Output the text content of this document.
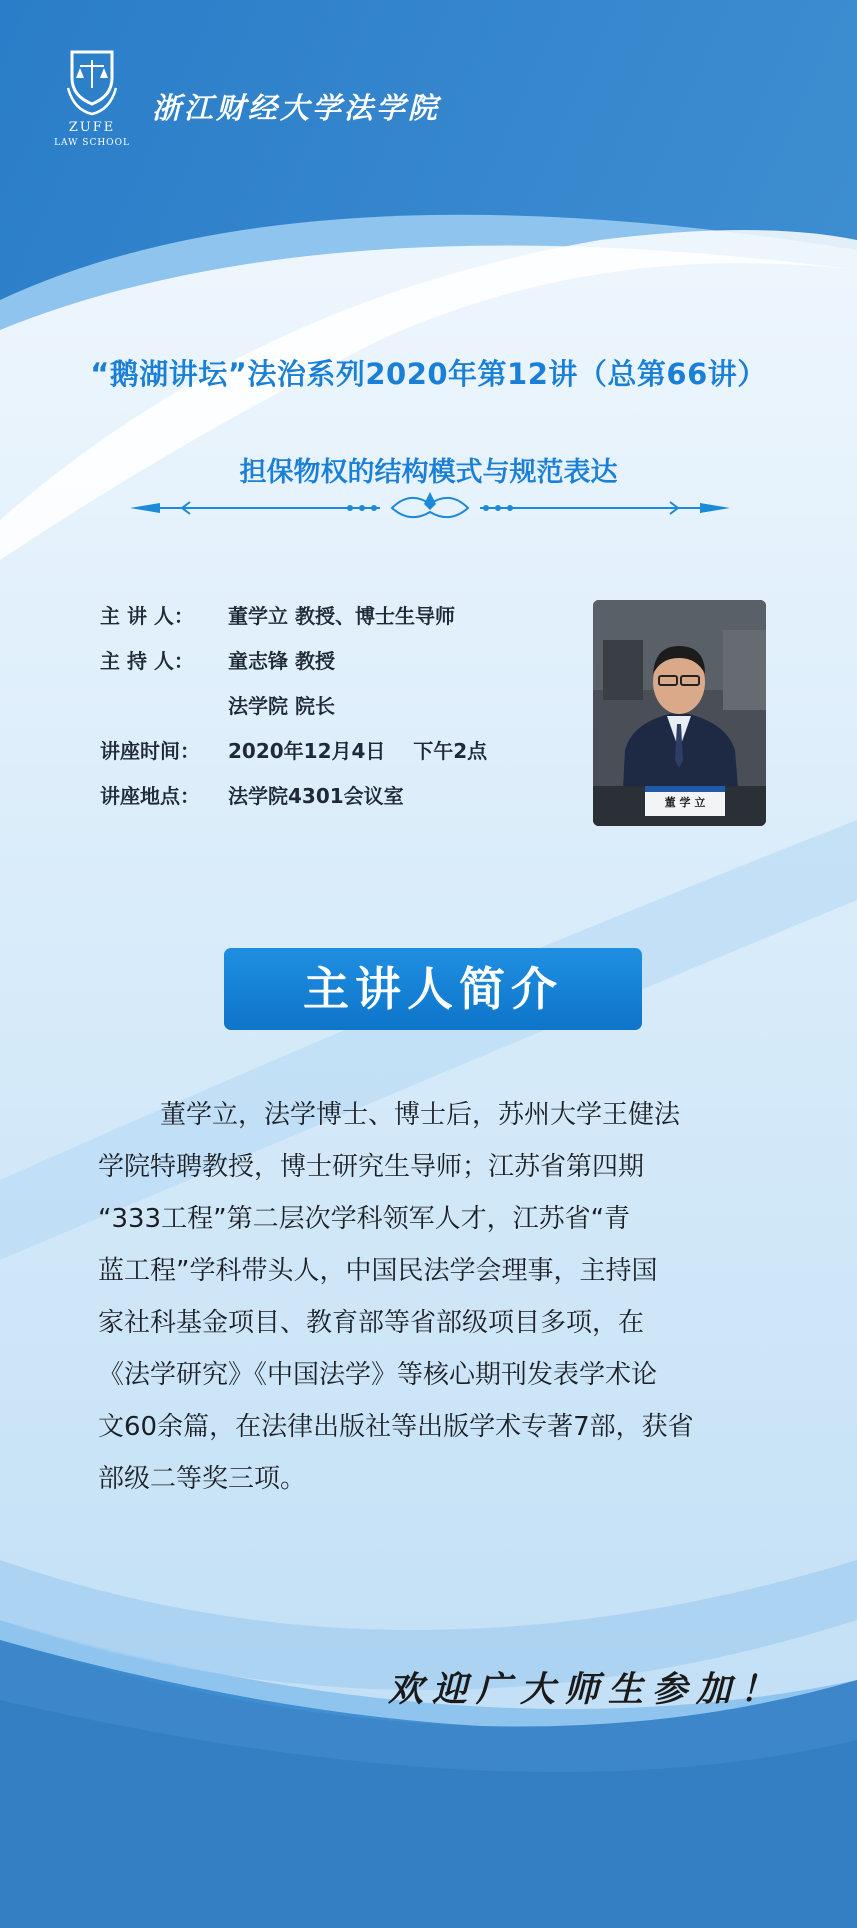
ZUFE
LAW SCHOOL
浙江财经大学法学院
“鹅湖讲坛”法治系列2020年第12讲（总第66讲）
担保物权的结构模式与规范表达
主 讲 人： 董学立 教授、博士生导师
主 持 人： 童志锋 教授
法学院 院长
讲座时间： 2020年12月4日    下午2点
讲座地点： 法学院4301会议室	董 学 立
主讲人简介
董学立，法学博士、博士后，苏州大学王健法
学院特聘教授，博士研究生导师；江苏省第四期
“333工程”第二层次学科领军人才，江苏省“青
蓝工程”学科带头人，中国民法学会理事，主持国
家社科基金项目、教育部等省部级项目多项，在
《法学研究》《中国法学》等核心期刊发表学术论
文60余篇，在法律出版社等出版学术专著7部，获省
部级二等奖三项。
欢迎广大师生参加！
